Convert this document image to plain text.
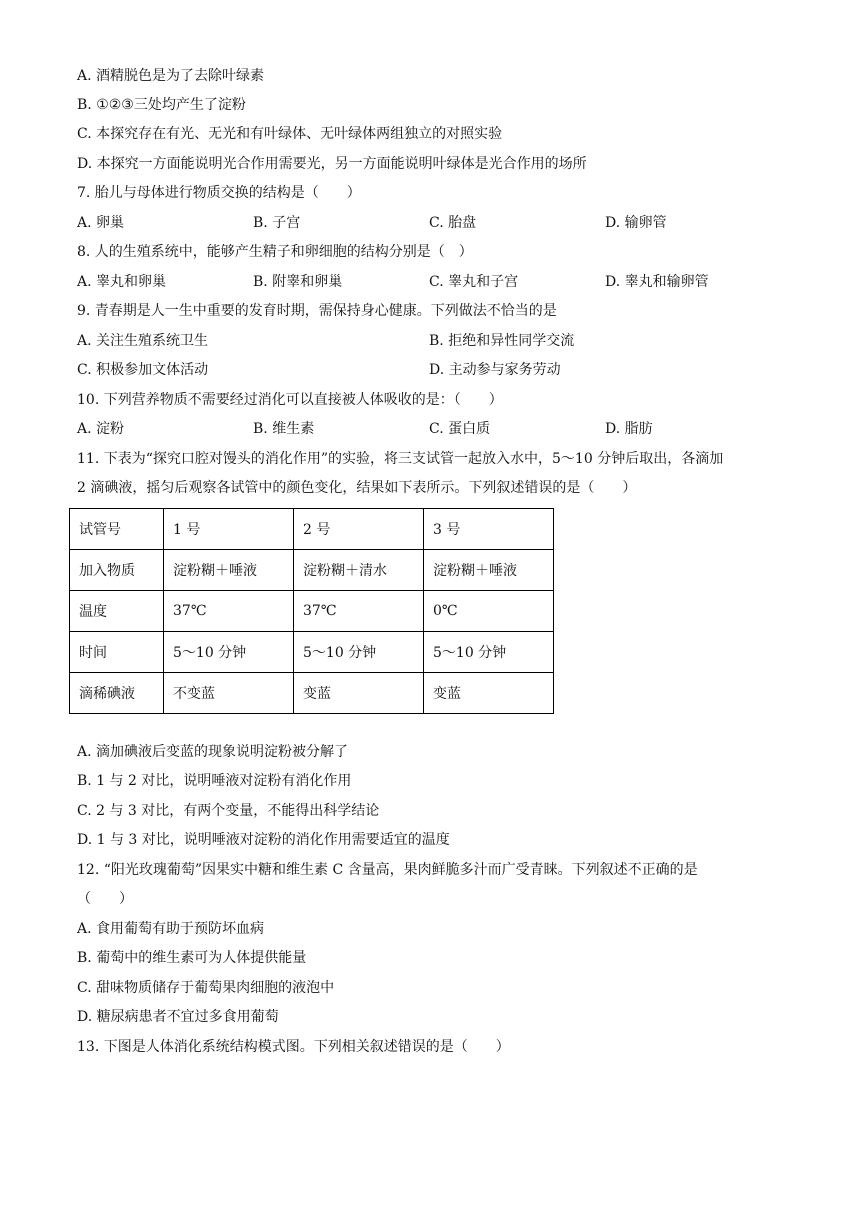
A. 酒精脱色是为了去除叶绿素
B. ①②③三处均产生了淀粉
C. 本探究存在有光、无光和有叶绿体、无叶绿体两组独立的对照实验
D. 本探究一方面能说明光合作用需要光，另一方面能说明叶绿体是光合作用的场所
7. 胎儿与母体进行物质交换的结构是（　　）
A. 卵巢	B. 子宫	C. 胎盘	D. 输卵管
8. 人的生殖系统中，能够产生精子和卵细胞的结构分别是（　）
A. 睾丸和卵巢	B. 附睾和卵巢	C. 睾丸和子宫	D. 睾丸和输卵管
9. 青春期是人一生中重要的发育时期，需保持身心健康。下列做法不恰当的是
A. 关注生殖系统卫生	B. 拒绝和异性同学交流
C. 积极参加文体活动	D. 主动参与家务劳动
10. 下列营养物质不需要经过消化可以直接被人体吸收的是：（　　）
A. 淀粉	B. 维生素	C. 蛋白质	D. 脂肪
11. 下表为“探究口腔对馒头的消化作用”的实验，将三支试管一起放入水中，5～10 分钟后取出，各滴加
2 滴碘液，摇匀后观察各试管中的颜色变化，结果如下表所示。下列叙述错误的是（　　）
试管号	1 号	2 号	3 号
加入物质	淀粉糊＋唾液	淀粉糊＋清水	淀粉糊＋唾液
温度	37℃	37℃	0℃
时间	5～10 分钟	5～10 分钟	5～10 分钟
滴稀碘液	不变蓝	变蓝	变蓝
A. 滴加碘液后变蓝的现象说明淀粉被分解了
B. 1 与 2 对比，说明唾液对淀粉有消化作用
C. 2 与 3 对比，有两个变量，不能得出科学结论
D. 1 与 3 对比，说明唾液对淀粉的消化作用需要适宜的温度
12. “阳光玫瑰葡萄”因果实中糖和维生素 C 含量高，果肉鲜脆多汁而广受青睐。下列叙述不正确的是
（　　）
A. 食用葡萄有助于预防坏血病
B. 葡萄中的维生素可为人体提供能量
C. 甜味物质储存于葡萄果肉细胞的液泡中
D. 糖尿病患者不宜过多食用葡萄
13. 下图是人体消化系统结构模式图。下列相关叙述错误的是（　　）
